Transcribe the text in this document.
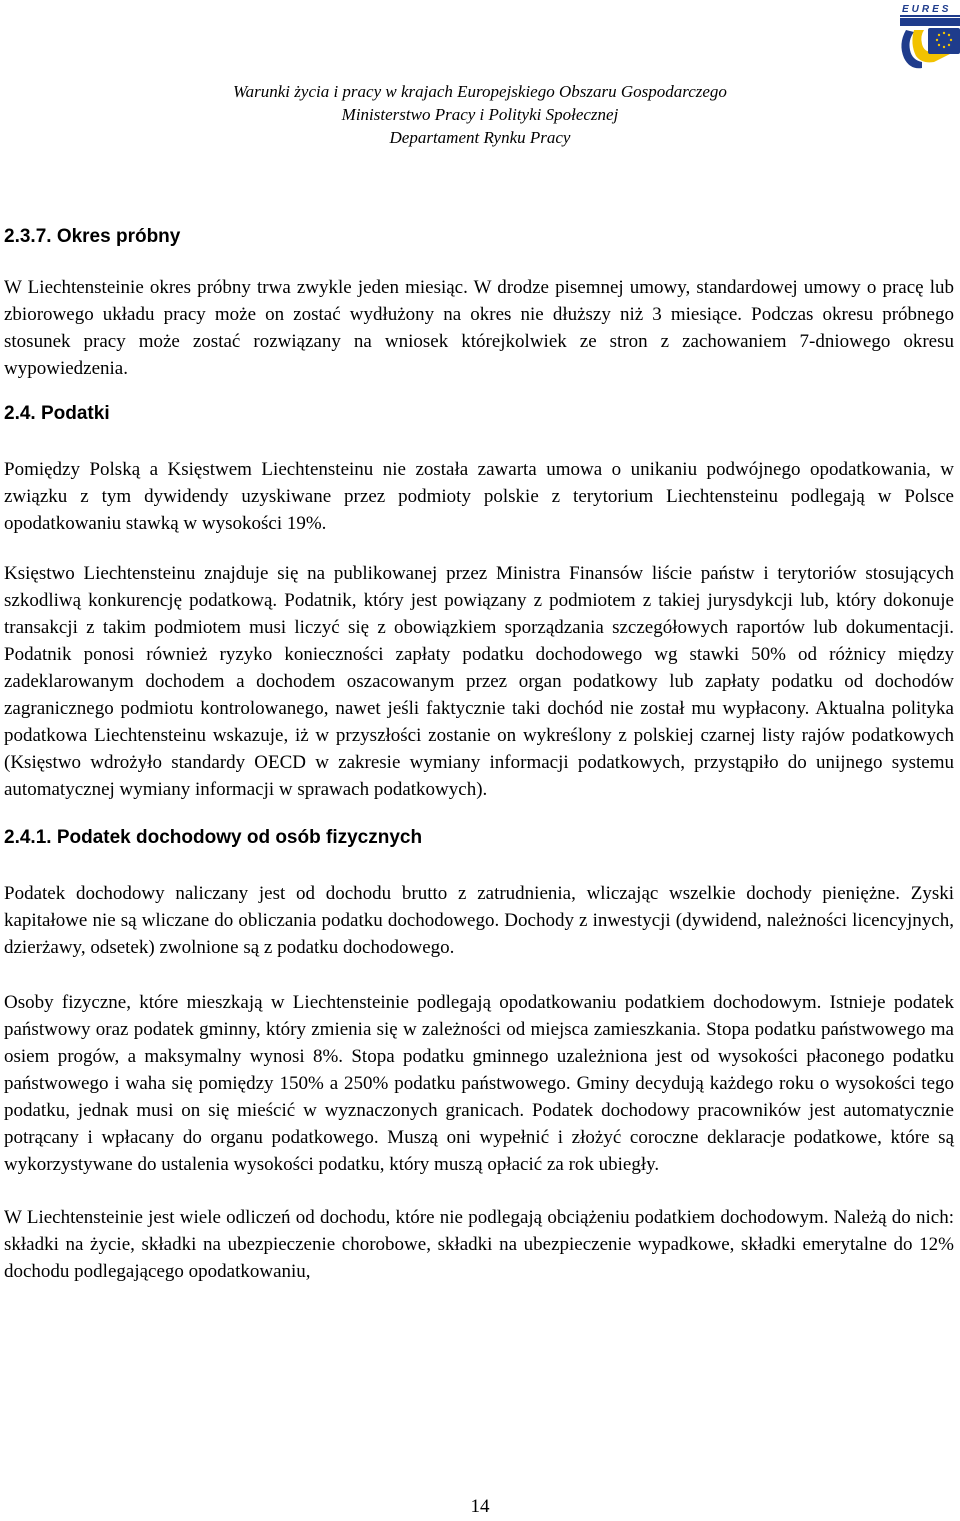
EURES
Warunki życia i pracy w krajach Europejskiego Obszaru Gospodarczego
Ministerstwo Pracy i Polityki Społecznej
Departament Rynku Pracy
2.3.7. Okres próbny

W Liechtensteinie okres próbny trwa zwykle jeden miesiąc. W drodze pisemnej umowy, standardowej umowy o pracę lub zbiorowego układu pracy może on zostać wydłużony na okres nie dłuższy niż 3 miesiące. Podczas okresu próbnego stosunek pracy może zostać rozwiązany na wniosek którejkolwiek ze stron z zachowaniem 7-dniowego okresu wypowiedzenia.

2.4. Podatki

Pomiędzy Polską a Księstwem Liechtensteinu nie została zawarta umowa o unikaniu podwójnego opodatkowania, w związku z tym dywidendy uzyskiwane przez podmioty polskie z terytorium Liechtensteinu podlegają w Polsce opodatkowaniu stawką w wysokości 19%.

Księstwo Liechtensteinu znajduje się na publikowanej przez Ministra Finansów liście państw i terytoriów stosujących szkodliwą konkurencję podatkową. Podatnik, który jest powiązany z podmiotem z takiej jurysdykcji lub, który dokonuje transakcji z takim podmiotem musi liczyć się z obowiązkiem sporządzania szczegółowych raportów lub dokumentacji. Podatnik ponosi również ryzyko konieczności zapłaty podatku dochodowego wg stawki 50% od różnicy między zadeklarowanym dochodem a dochodem oszacowanym przez organ podatkowy lub zapłaty podatku od dochodów zagranicznego podmiotu kontrolowanego, nawet jeśli faktycznie taki dochód nie został mu wypłacony. Aktualna polityka podatkowa Liechtensteinu wskazuje, iż w przyszłości zostanie on wykreślony z polskiej czarnej listy rajów podatkowych (Księstwo wdrożyło standardy OECD w zakresie wymiany informacji podatkowych, przystąpiło do unijnego systemu automatycznej wymiany informacji w sprawach podatkowych).

2.4.1. Podatek dochodowy od osób fizycznych

Podatek dochodowy naliczany jest od dochodu brutto z zatrudnienia, wliczając wszelkie dochody pieniężne. Zyski kapitałowe nie są wliczane do obliczania podatku dochodowego. Dochody z inwestycji (dywidend, należności licencyjnych, dzierżawy, odsetek) zwolnione są z podatku dochodowego.

Osoby fizyczne, które mieszkają w Liechtensteinie podlegają opodatkowaniu podatkiem dochodowym. Istnieje podatek państwowy oraz podatek gminny, który zmienia się w zależności od miejsca zamieszkania. Stopa podatku państwowego ma osiem progów, a maksymalny wynosi 8%. Stopa podatku gminnego uzależniona jest od wysokości płaconego podatku państwowego i waha się pomiędzy 150% a 250% podatku państwowego. Gminy decydują każdego roku o wysokości tego podatku, jednak musi on się mieścić w wyznaczonych granicach. Podatek dochodowy pracowników jest automatycznie potrącany i wpłacany do organu podatkowego. Muszą oni wypełnić i złożyć coroczne deklaracje podatkowe, które są wykorzystywane do ustalenia wysokości podatku, który muszą opłacić za rok ubiegły.

W Liechtensteinie jest wiele odliczeń od dochodu, które nie podlegają obciążeniu podatkiem dochodowym. Należą do nich: składki na życie, składki na ubezpieczenie chorobowe, składki na ubezpieczenie wypadkowe, składki emerytalne do 12% dochodu podlegającego opodatkowaniu,

14
